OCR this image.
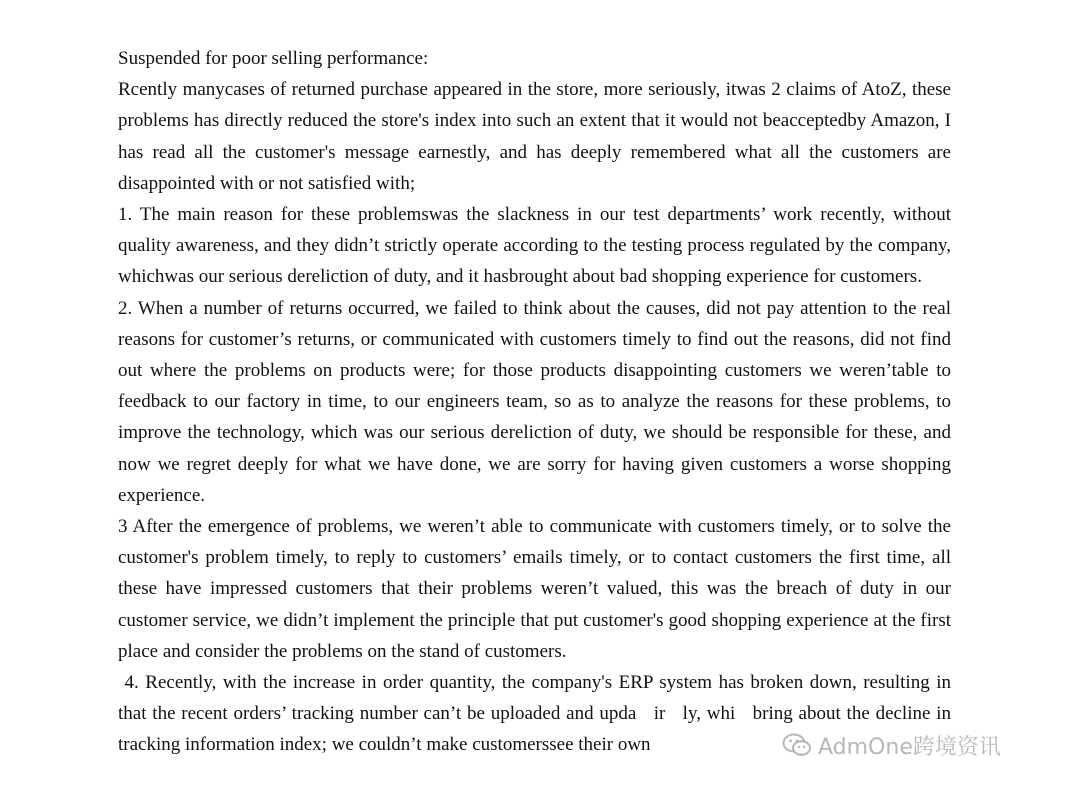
Suspended for poor selling performance:

Rcently manycases of returned purchase appeared in the store, more seriously, itwas 2 claims of AtoZ, these problems has directly reduced the store's index into such an extent that it would not beacceptedby Amazon, I has read all the customer's message earnestly, and has deeply remembered what all the customers are disappointed with or not satisfied with;

1. The main reason for these problemswas the slackness in our test departments’ work recently, without quality awareness, and they didn’t strictly operate according to the testing process regulated by the company, whichwas our serious dereliction of duty, and it hasbrought about bad shopping experience for customers.

2. When a number of returns occurred, we failed to think about the causes, did not pay attention to the real reasons for customer’s returns, or communicated with customers timely to find out the reasons, did not find out where the problems on products were; for those products disappointing customers we weren’table to feedback to our factory in time, to our engineers team, so as to analyze the reasons for these problems, to improve the technology, which was our serious dereliction of duty, we should be responsible for these, and now we regret deeply for what we have done, we are sorry for having given customers a worse shopping experience.

3 After the emergence of problems, we weren’t able to communicate with customers timely, or to solve the customer's problem timely, to reply to customers’ emails timely, or to contact customers the first time, all these have impressed customers that their problems weren’t valued, this was the breach of duty in our customer service, we didn’t implement the principle that put customer's good shopping experience at the first place and consider the problems on the stand of customers.

4. Recently, with the increase in order quantity, the company's ERP system has broken down, resulting in that the recent orders’ tracking number can’t be uploaded and upda   ir   ly, whi   bring about the decline in tracking information index; we couldn’t make customerssee their own	AdmOne跨境资讯
